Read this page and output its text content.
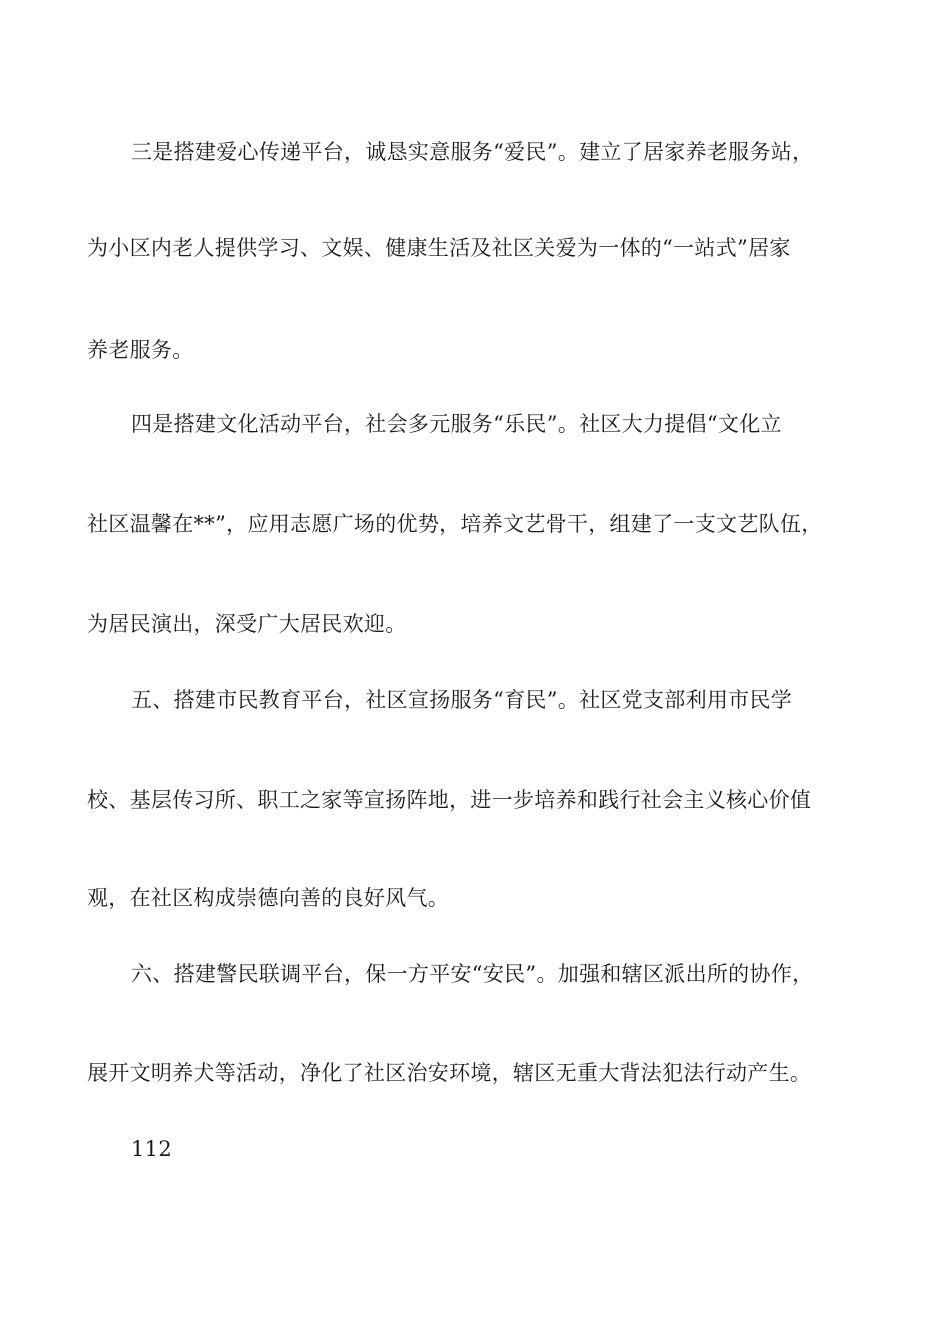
三是搭建爱心传递平台，诚恳实意服务“爱民”。建立了居家养老服务站，
为小区内老人提供学习、文娱、健康生活及社区关爱为一体的“一站式”居家
养老服务。
四是搭建文化活动平台，社会多元服务“乐民”。社区大力提倡“文化立
社区温馨在**”，应用志愿广场的优势，培养文艺骨干，组建了一支文艺队伍，
为居民演出，深受广大居民欢迎。
五、搭建市民教育平台，社区宣扬服务“育民”。社区党支部利用市民学
校、基层传习所、职工之家等宣扬阵地，进一步培养和践行社会主义核心价值
观，在社区构成崇德向善的良好风气。
六、搭建警民联调平台，保一方平安“安民”。加强和辖区派出所的协作，
展开文明养犬等活动，净化了社区治安环境，辖区无重大背法犯法行动产生。
112
